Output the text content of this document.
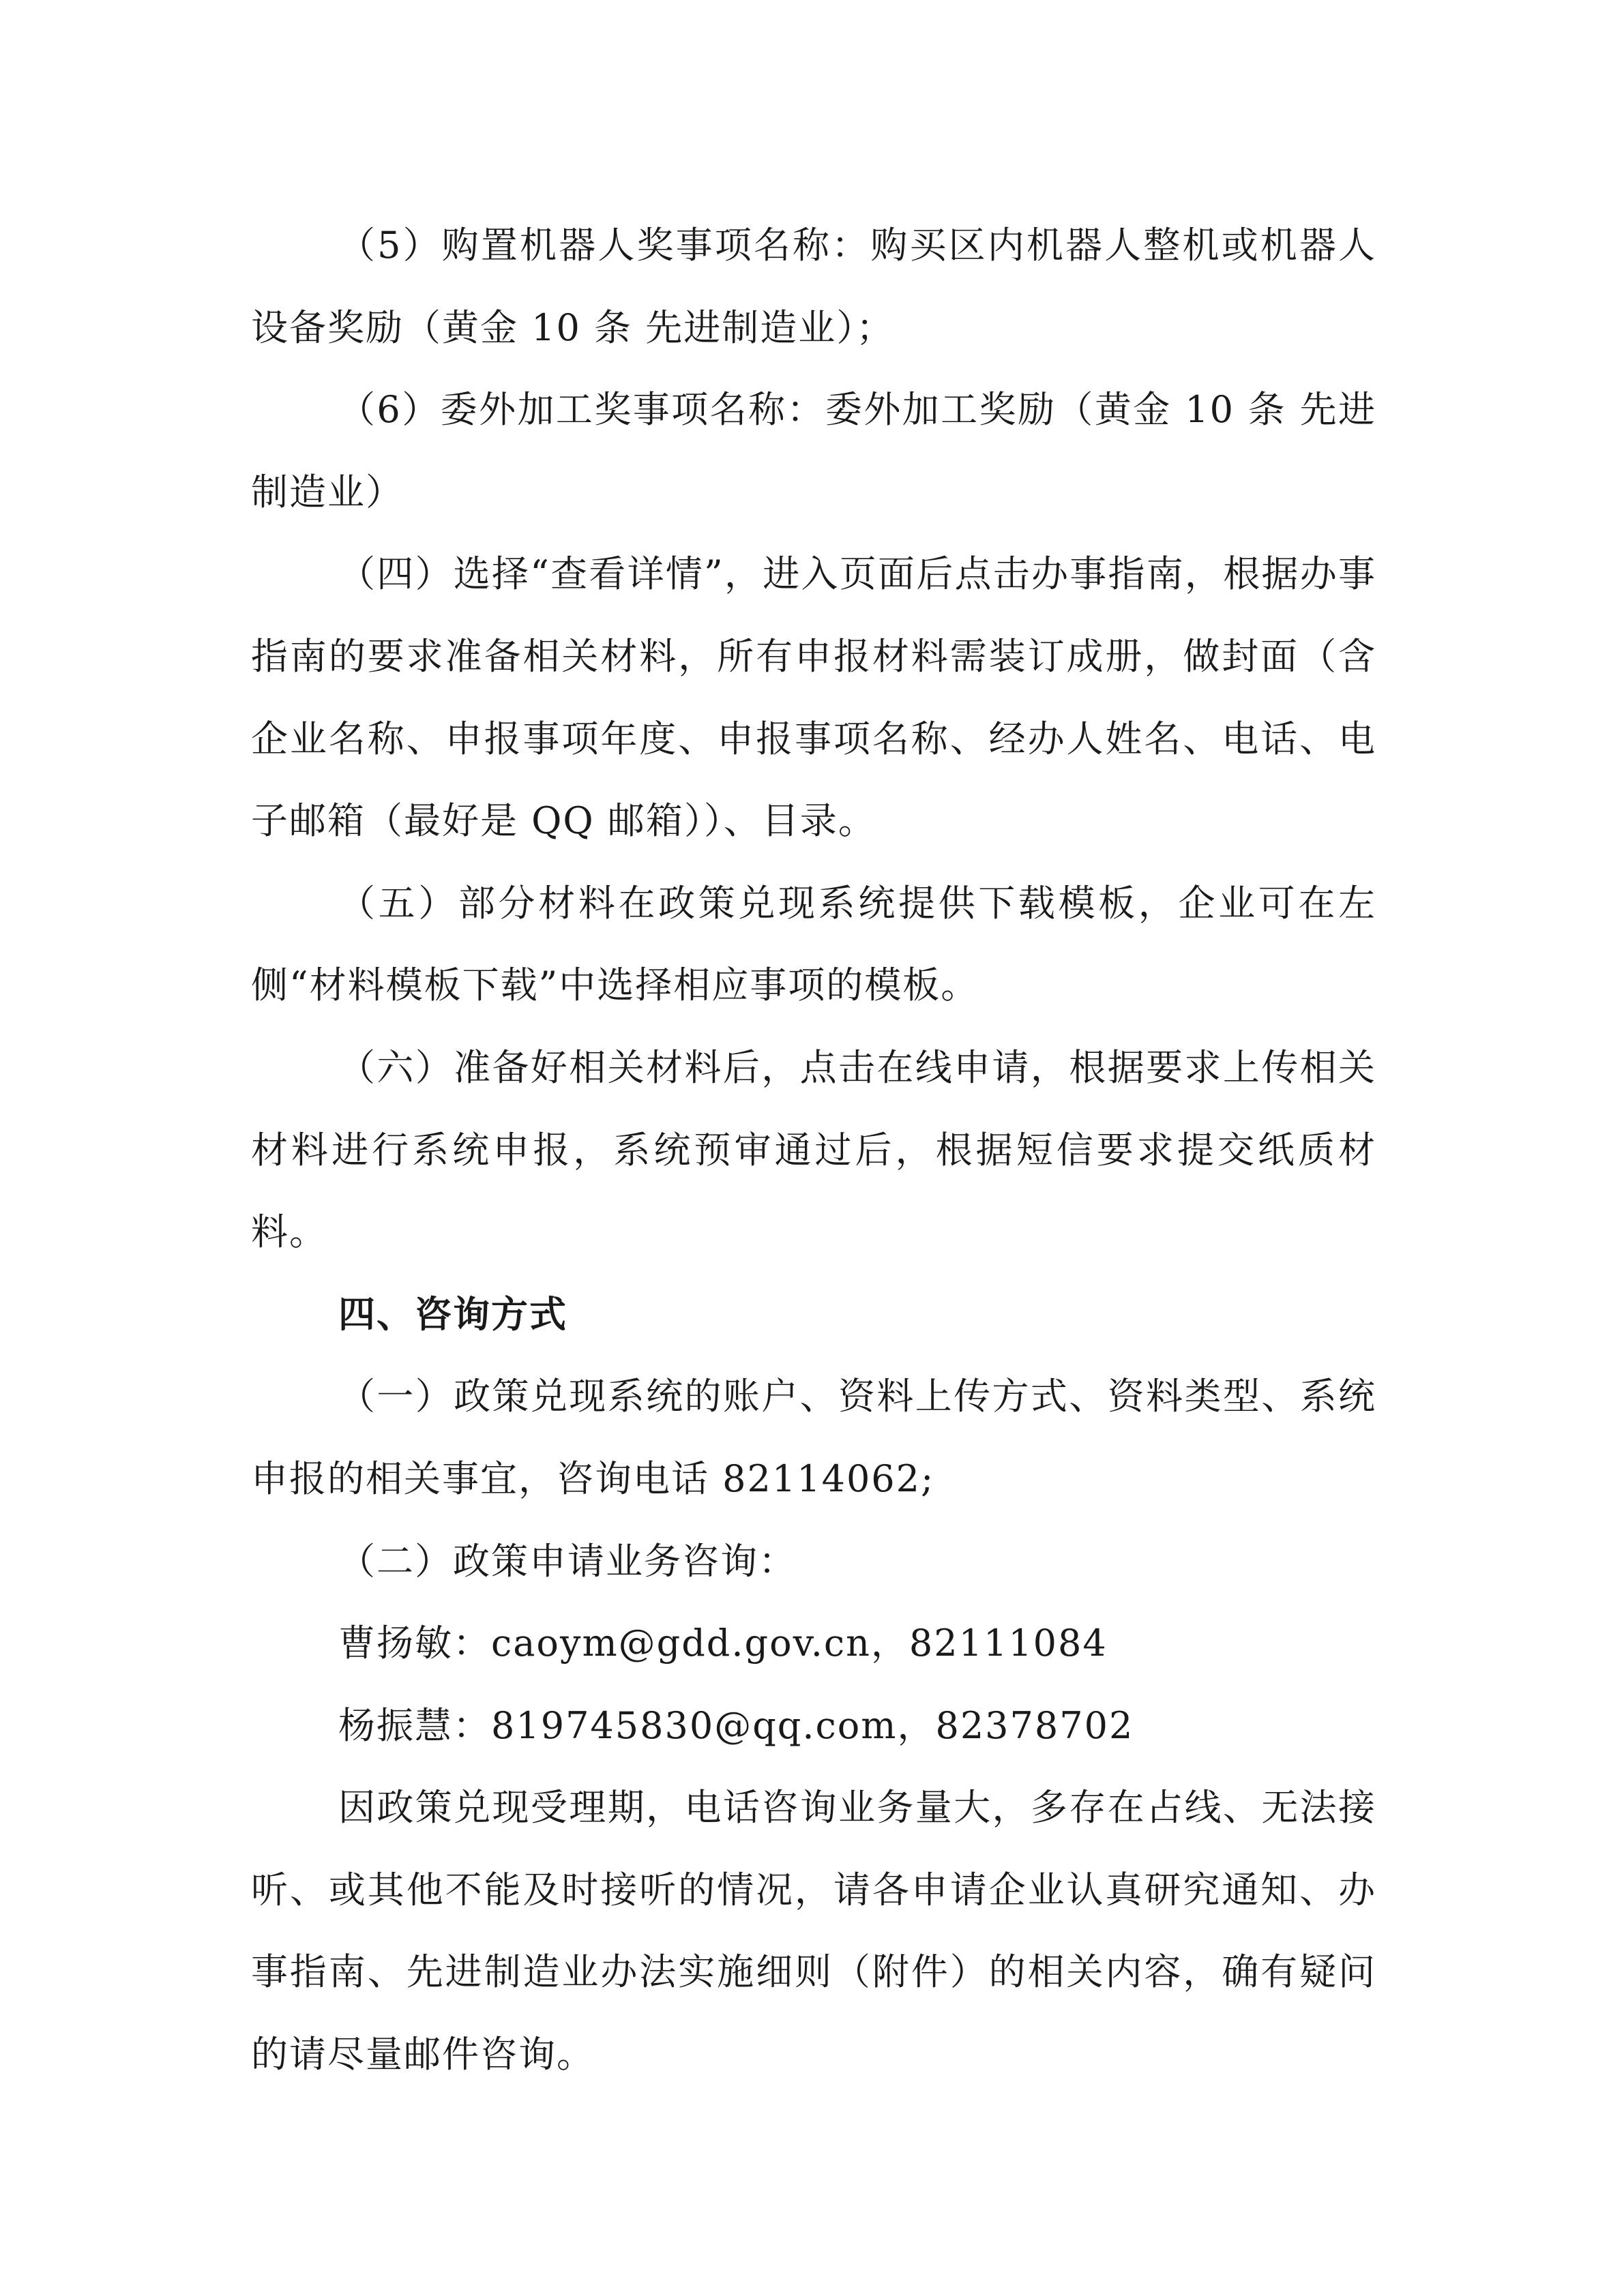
（5）购置机器人奖事项名称：购买区内机器人整机或机器人设备奖励（黄金 10 条 先进制造业）；

（6）委外加工奖事项名称：委外加工奖励（黄金 10 条 先进制造业）

（四）选择“查看详情”，进入页面后点击办事指南，根据办事指南的要求准备相关材料，所有申报材料需装订成册，做封面（含企业名称、申报事项年度、申报事项名称、经办人姓名、电话、电子邮箱（最好是 QQ 邮箱））、目录。

（五）部分材料在政策兑现系统提供下载模板，企业可在左侧“材料模板下载”中选择相应事项的模板。

（六）准备好相关材料后，点击在线申请，根据要求上传相关材料进行系统申报，系统预审通过后，根据短信要求提交纸质材料。

四、咨询方式

（一）政策兑现系统的账户、资料上传方式、资料类型、系统申报的相关事宜，咨询电话 82114062;

（二）政策申请业务咨询：

曹扬敏：caoym@gdd.gov.cn，82111084

杨振慧：819745830@qq.com，82378702

因政策兑现受理期，电话咨询业务量大，多存在占线、无法接听、或其他不能及时接听的情况，请各申请企业认真研究通知、办事指南、先进制造业办法实施细则（附件）的相关内容，确有疑问的请尽量邮件咨询。
